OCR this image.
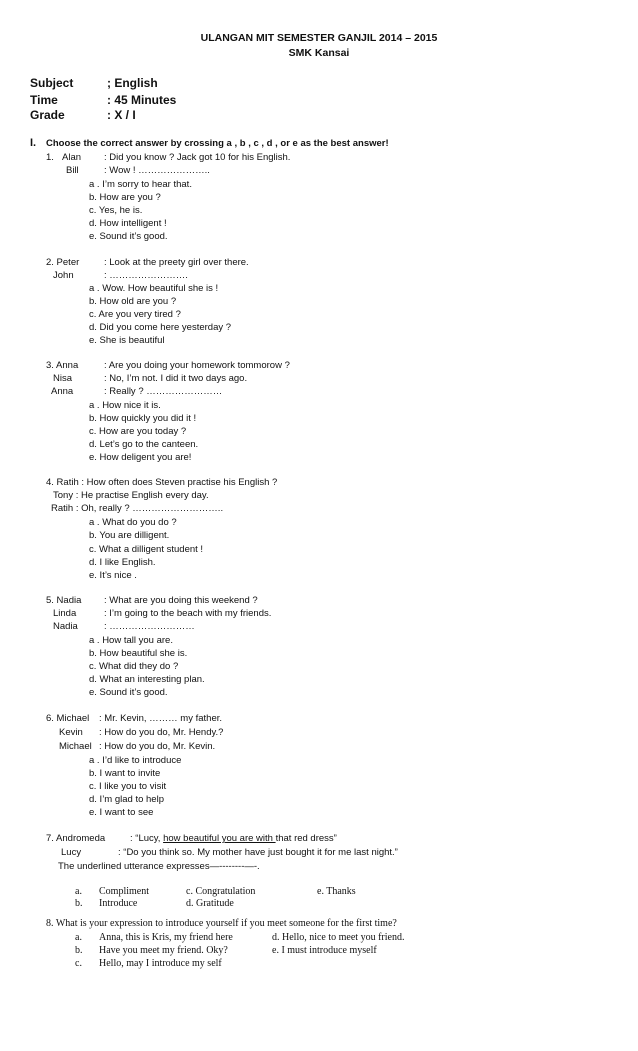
ULANGAN MIT SEMESTER GANJIL 2014 – 2015
SMK Kansai
Subject	; English
Time	: 45 Minutes
Grade	: X / I
I. Choose the correct answer by crossing a , b , c , d , or e as the best answer!
1. Alan : Did you know ? Jack got 10 for his English.
Bill	: Wow ! …………………..
a . I’m sorry to hear that.
b. How are you ?
c. Yes, he is.
d. How intelligent !
e. Sound it’s good.
2. Peter	: Look at the preety girl over there.
John	: …………………….
a . Wow. How beautiful she is !
b. How old are you ?
c. Are you very tired ?
d. Did you come here yesterday ?
e. She is beautiful
3. Anna	: Are you doing your homework tommorow ?
Nisa	: No, I’m not. I did it two days ago.
Anna	: Really ? ……………………
a . How nice it is.
b. How quickly you did it !
c. How are you today ?
d. Let’s go to the canteen.
e. How deligent you are!
4. Ratih : How often does Steven practise his English ?
Tony : He practise English every day.
Ratih : Oh, really ? ………………………..
a . What do you do ?
b. You are dilligent.
c. What a dilligent student !
d. I like English.
e. It’s nice .
5. Nadia : What are you doing this weekend ?
Linda	: I’m going to the beach with my friends.
Nadia	: ………………………
a . How tall you are.
b. How beautiful she is.
c. What did they do ?
d. What an interesting plan.
e. Sound it’s good.
6. Michael : Mr. Kevin, ……… my father.
Kevin : How do you do, Mr. Hendy.?
Michael : How do you do, Mr. Kevin.
a . I’d like to introduce
b. I want to invite
c. I like you to visit
d. I’m glad to help
e. I want to see
7. Andromeda	: “Lucy, how beautiful you are with that red dress”
Lucy	: “Do you think so. My mother have just bought it for me last night.”
The underlined utterance expresses—--------—-.
a. Compliment	c. Congratulation	e. Thanks
b. Introduce	d. Gratitude
8. What is your expression to introduce yourself if you meet someone for the first time?
a. Anna, this is Kris, my friend here	d. Hello, nice to meet you friend.
b. Have you meet my friend. Oky?	e. I must introduce myself
c. Hello, may I introduce my self
